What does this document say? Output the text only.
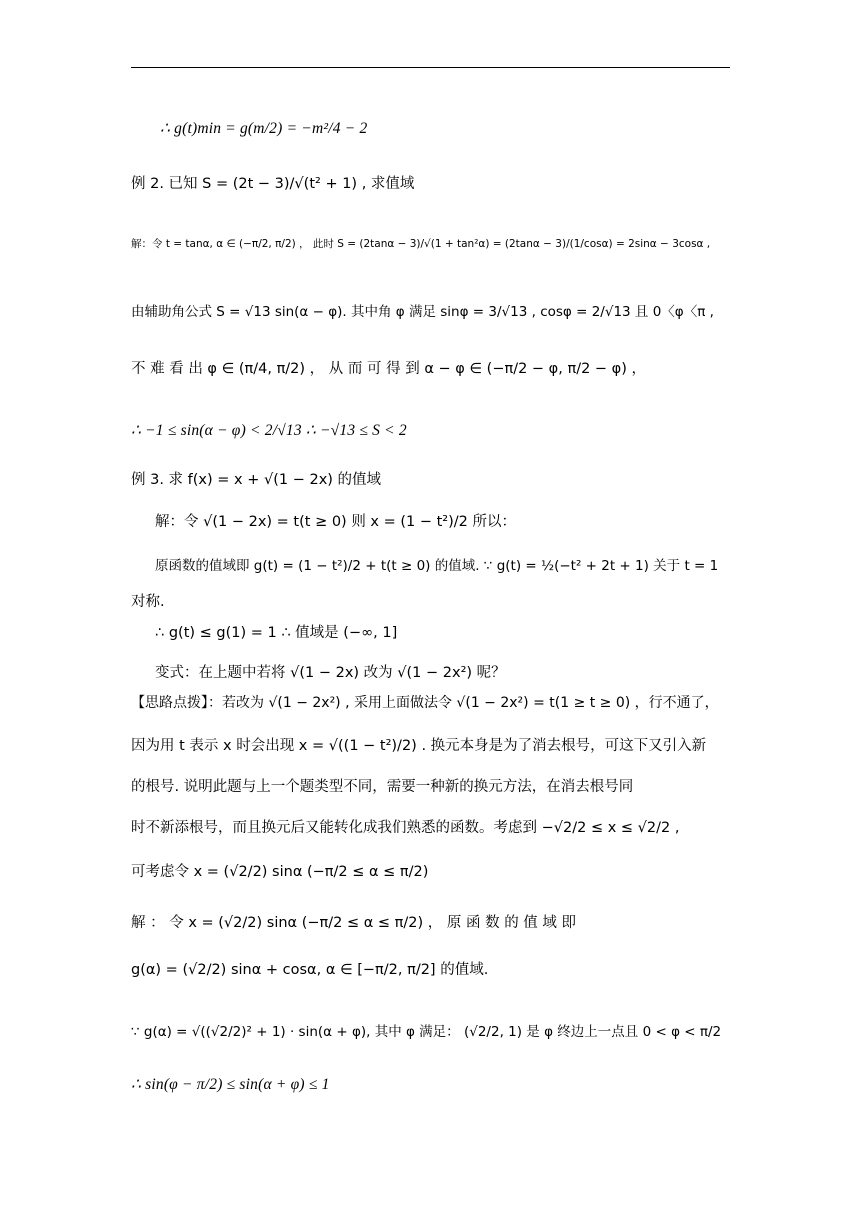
∴ g(t)min = g(m/2) = −m²/4 − 2
例 2. 已知 S = (2t − 3)/√(t² + 1) , 求值域
解：令 t = tanα, α ∈ (−π/2, π/2) ， 此时 S = (2tanα − 3)/√(1 + tan²α) = (2tanα − 3)/(1/cosα) = 2sinα − 3cosα ,
由辅助角公式 S = √13 sin(α − φ). 其中角 φ 满足 sinφ = 3/√13 , cosφ = 2/√13 且 0〈φ〈π ,
不 难 看 出 φ ∈ (π/4, π/2) ， 从 而 可 得 到 α − φ ∈ (−π/2 − φ, π/2 − φ) ，
∴ −1 ≤ sin(α − φ) < 2/√13 ∴ −√13 ≤ S < 2
例 3. 求 f(x) = x + √(1 − 2x) 的值域
解：令 √(1 − 2x) = t(t ≥ 0) 则 x = (1 − t²)/2 所以：
原函数的值域即 g(t) = (1 − t²)/2 + t(t ≥ 0) 的值域. ∵ g(t) = ½(−t² + 2t + 1) 关于 t = 1
对称.
∴ g(t) ≤ g(1) = 1 ∴ 值域是 (−∞, 1]
变式：在上题中若将 √(1 − 2x) 改为 √(1 − 2x²) 呢？
【思路点拨】：若改为 √(1 − 2x²) , 采用上面做法令 √(1 − 2x²) = t(1 ≥ t ≥ 0) ，行不通了，
因为用 t 表示 x 时会出现 x = √((1 − t²)/2) . 换元本身是为了消去根号，可这下又引入新
的根号. 说明此题与上一个题类型不同，需要一种新的换元方法，在消去根号同
时不新添根号，而且换元后又能转化成我们熟悉的函数。考虑到 −√2/2 ≤ x ≤ √2/2 ,
可考虑令 x = (√2/2) sinα (−π/2 ≤ α ≤ π/2)
解 ： 令 x = (√2/2) sinα (−π/2 ≤ α ≤ π/2) ， 原 函 数 的 值 域 即
g(α) = (√2/2) sinα + cosα, α ∈ [−π/2, π/2] 的值域.
∵ g(α) = √((√2/2)² + 1) · sin(α + φ), 其中 φ 满足： (√2/2, 1) 是 φ 终边上一点且 0 < φ < π/2
∴ sin(φ − π/2) ≤ sin(α + φ) ≤ 1
